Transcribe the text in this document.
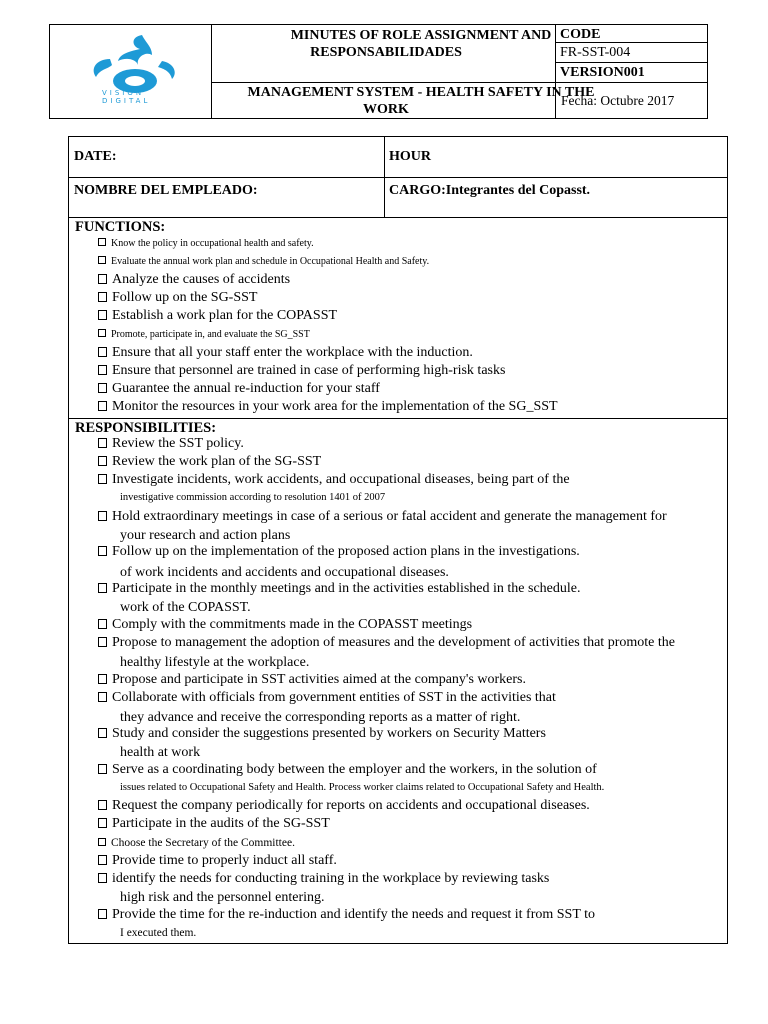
VISION DIGITAL
MINUTES OF ROLE ASSIGNMENT AND
RESPONSABILIDADES
CODE
FR-SST-004
VERSION001
MANAGEMENT SYSTEM - HEALTH SAFETY IN THE
WORK
Fecha: Octubre 2017
DATE:	HOUR
NOMBRE DEL EMPLEADO:	CARGO:Integrantes del Copasst.
FUNCTIONS:
Know the policy in occupational health and safety.
Evaluate the annual work plan and schedule in Occupational Health and Safety.
Analyze the causes of accidents
Follow up on the SG-SST
Establish a work plan for the COPASST
Promote, participate in, and evaluate the SG_SST
Ensure that all your staff enter the workplace with the induction.
Ensure that personnel are trained in case of performing high-risk tasks
Guarantee the annual re-induction for your staff
Monitor the resources in your work area for the implementation of the SG_SST
RESPONSIBILITIES:
Review the SST policy.
Review the work plan of the SG-SST
Investigate incidents, work accidents, and occupational diseases, being part of the
investigative commission according to resolution 1401 of 2007
Hold extraordinary meetings in case of a serious or fatal accident and generate the management for
your research and action plans
Follow up on the implementation of the proposed action plans in the investigations.
of work incidents and accidents and occupational diseases.
Participate in the monthly meetings and in the activities established in the schedule.
work of the COPASST.
Comply with the commitments made in the COPASST meetings
Propose to management the adoption of measures and the development of activities that promote the
healthy lifestyle at the workplace.
Propose and participate in SST activities aimed at the company's workers.
Collaborate with officials from government entities of SST in the activities that
they advance and receive the corresponding reports as a matter of right.
Study and consider the suggestions presented by workers on Security Matters
health at work
Serve as a coordinating body between the employer and the workers, in the solution of
issues related to Occupational Safety and Health. Process worker claims related to Occupational Safety and Health.
Request the company periodically for reports on accidents and occupational diseases.
Participate in the audits of the SG-SST
Choose the Secretary of the Committee.
Provide time to properly induct all staff.
identify the needs for conducting training in the workplace by reviewing tasks
high risk and the personnel entering.
Provide the time for the re-induction and identify the needs and request it from SST to
I executed them.
